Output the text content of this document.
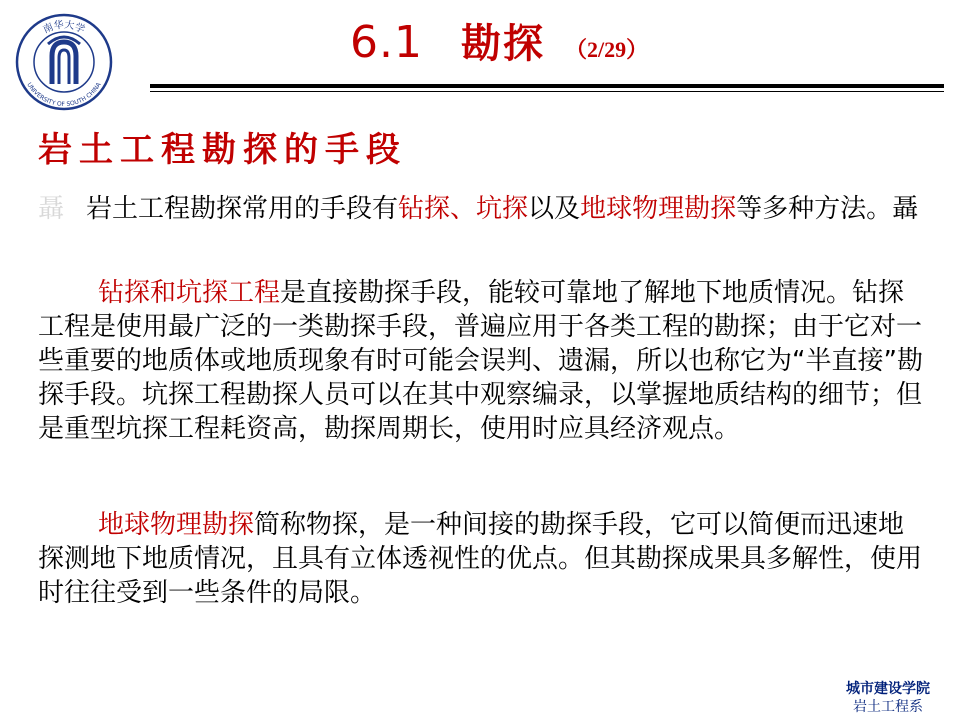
南华大学
UNIVERSITY OF SOUTH CHINA
6.1 勘探 （2/29）
岩土工程勘探的手段

聶 岩土工程勘探常用的手段有钻探、坑探以及地球物理勘探等多种方法。聶

钻探和坑探工程是直接勘探手段，能较可靠地了解地下地质情况。钻探工程是使用最广泛的一类勘探手段，普遍应用于各类工程的勘探；由于它对一些重要的地质体或地质现象有时可能会误判、遗漏，所以也称它为“半直接”勘探手段。坑探工程勘探人员可以在其中观察编录，以掌握地质结构的细节；但是重型坑探工程耗资高，勘探周期长，使用时应具经济观点。

地球物理勘探简称物探，是一种间接的勘探手段，它可以简便而迅速地探测地下地质情况，且具有立体透视性的优点。但其勘探成果具多解性，使用时往往受到一些条件的局限。

城市建设学院
岩土工程系
